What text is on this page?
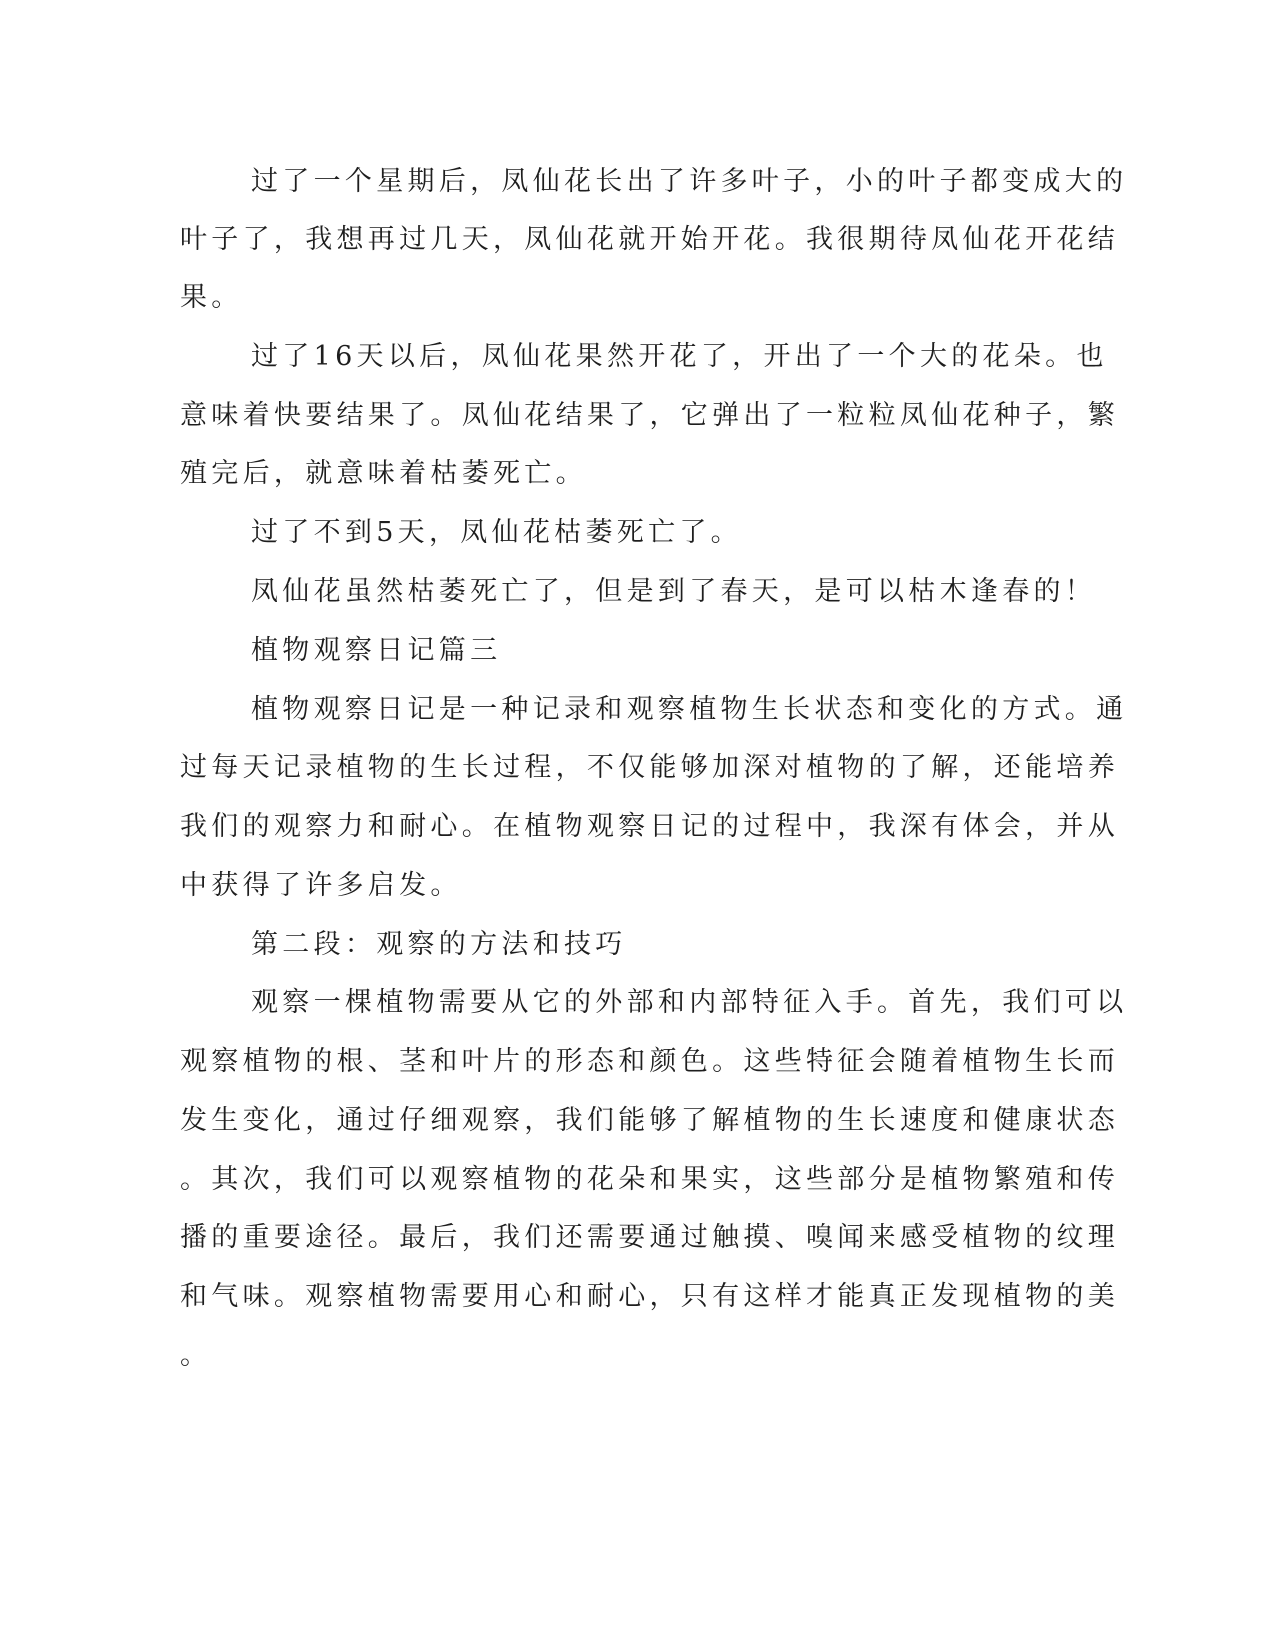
过了一个星期后，凤仙花长出了许多叶子，小的叶子都变成大的
叶子了，我想再过几天，凤仙花就开始开花。我很期待凤仙花开花结
果。
过了16天以后，凤仙花果然开花了，开出了一个大的花朵。也
意味着快要结果了。凤仙花结果了，它弹出了一粒粒凤仙花种子，繁
殖完后，就意味着枯萎死亡。
过了不到5天，凤仙花枯萎死亡了。
凤仙花虽然枯萎死亡了，但是到了春天，是可以枯木逢春的！
植物观察日记篇三
植物观察日记是一种记录和观察植物生长状态和变化的方式。通
过每天记录植物的生长过程，不仅能够加深对植物的了解，还能培养
我们的观察力和耐心。在植物观察日记的过程中，我深有体会，并从
中获得了许多启发。
第二段：观察的方法和技巧
观察一棵植物需要从它的外部和内部特征入手。首先，我们可以
观察植物的根、茎和叶片的形态和颜色。这些特征会随着植物生长而
发生变化，通过仔细观察，我们能够了解植物的生长速度和健康状态
。其次，我们可以观察植物的花朵和果实，这些部分是植物繁殖和传
播的重要途径。最后，我们还需要通过触摸、嗅闻来感受植物的纹理
和气味。观察植物需要用心和耐心，只有这样才能真正发现植物的美
。
